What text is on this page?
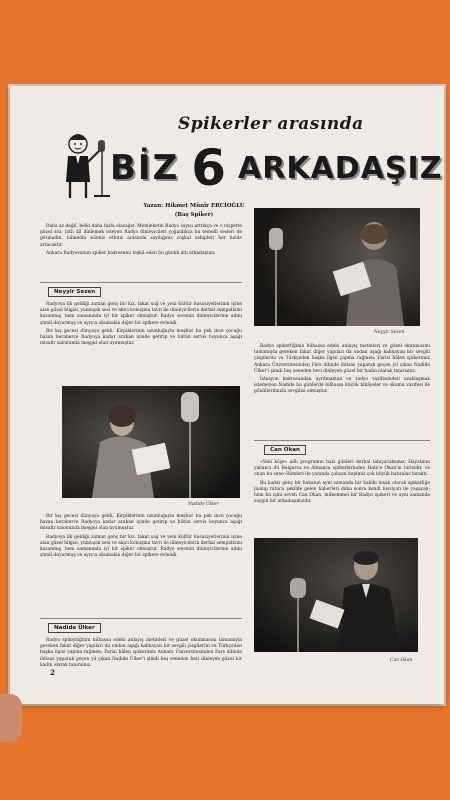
Spikerler arasında
BİZ 6 ARKADAŞIZ
Yazan: Hikmet Münir ERCİOĞLU
(Baş Spiker)

Daha az değil, belki daha fazla olacağız. Memleketin Radyo sayısı arttıkça ve o nispette güzel söz, tatlı dil dinlemek isteyen Radyo dinleyicileri çoğaldıkça bu temelli sesleri de görmedin, bilmedin sözmiz ettiniz arasında saydığınız coşkul sahipleri her halde artacaktır.

Ankara Radyosunun spiker kadrosunu teşkil eden bu günkü altı arkadaştan:

Neyyir Sezen

Radyoya ilk geldiği zaman genç bir kız, fakat sağ ve yeni kültür hususiyetlerinin içine alan güzel bilgisi, yumuşak sesi ve akıcı konuşma tavrı ile dinleyicilerin derhal sempatisini kazanmış, hem zamanında iyi bir spiker olmuştur. Radyo sevenin dinleyicilerine adını şimdi duyurmuş ve ayrıca okumakla diğer bir spikere evlendi.

Bir kış gecesi dünyaya geldi. Kirpiklerinin uzunluğuyla meşhur bu pek ince çocuğu hazan beraberce Radyoya kadar araban içinde getirip ve bütün servis boyunca aşağı misafir salonunda meşgul olan uyumuştur.

Neyyir Sezen

Radyo spikerliğinin bilhassa edebi anlayış metinleri ve güzel okunmasını tamamıyla gereken fakat diğer yapıları da ondan aşağı kalmayan bir sevgili çizgilerini ve Türkçeden başka ilgisi yapma rağmen; Farisi hâlen spikerimiz Ankara Üniversitesinden Fars dilinde ihtisas yaparak geçen yıl çıkan Nadide Ülker'i şimdi beş seneden beri dinleyen güzel bir kadın olarak tanırsınız.

İstasyon kadrosundan ayrılmaktan ve radyo vazifesinden uzaklaşmak istemeyen Nadide bu günlerde bilhassa küçük hikâyeler ve okuma vazifesi ile gönüllerimizin sevgilisi olmuştur.

Can Okan

«Yeni köşe» adlı programın bazı günleri derhal tanıyacaksınız. Hayatının yabancı dil Bulgarca ve Almanca spikerlerinden Hatice Okan'ın birisidir, ve onun bu sene ölümleri ile yanında çalışan hepimiz çok büyük hatıralar bıraktı.

Bu kadar genç bir babanın ayni zamanda bir hakiki insan olarak spikerliğe inanıp tutucu şekilde gelen haberleri daha sonra kendi hissiyatı ile yaşayan; hem bu işini seven Can Okan, mükemmel bir Radyo spikeri ve aynı zamanda saygılı bir arkadaşımızdır.

Nadide Ülker

Bir kış gecesi dünyaya geldi. Kirpiklerinin uzunluğuyla meşhur bu pek ince çocuğu hazan beraberce Radyoya kadar araban içinde getirip ve bütün servis boyunca aşağı misafir salonunda meşgul olan uyumuştur.

Radyoya ilk geldiği zaman genç bir kız, fakat sağ ve yeni kültür hususiyetlerinin içine alan güzel bilgisi, yumuşak sesi ve akıcı konuşma tavrı ile dinleyicilerin derhal sempatisini kazanmış, hem zamanında iyi bir spiker olmuştur. Radyo sevenin dinleyicilerine adını şimdi duyurmuş ve ayrıca okumakla diğer bir spikere evlendi.

Nadide Ülker

Radyo spikerliğinin bilhassa edebi anlayış metinleri ve güzel okunmasını tamamıyla gereken fakat diğer yapıları da ondan aşağı kalmayan bir sevgili çizgilerini ve Türkçeden başka ilgisi yapma rağmen; Farisi hâlen spikerimiz Ankara Üniversitesinden Fars dilinde ihtisas yaparak geçen yıl çıkan Nadide Ülker'i şimdi beş seneden beri dinleyen güzel bir kadın olarak tanırsınız.

Can Okan
2
